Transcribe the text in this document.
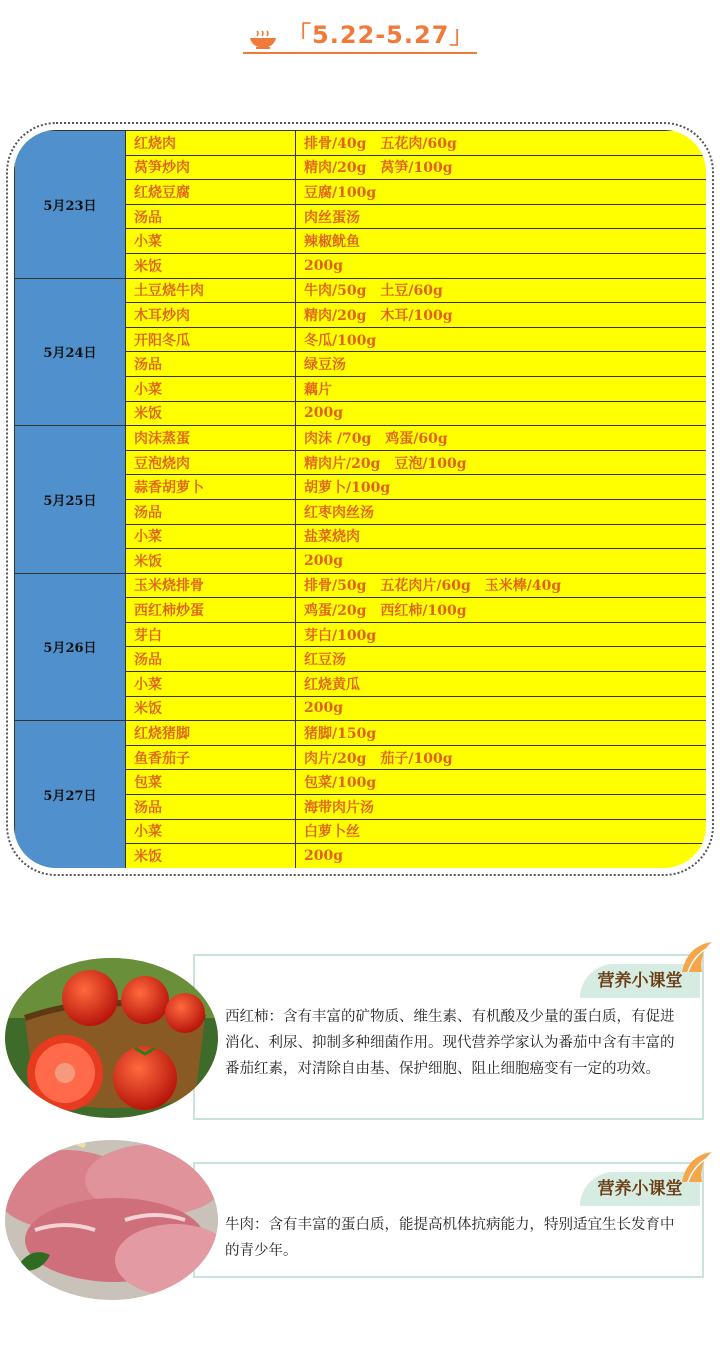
「5.22-5.27」
5月23日	红烧肉	排骨/40g　五花肉/60g
	莴笋炒肉	精肉/20g　莴笋/100g
	红烧豆腐	豆腐/100g
	汤品	肉丝蛋汤
	小菜	辣椒鱿鱼
	米饭	200g
5月24日	土豆烧牛肉	牛肉/50g　土豆/60g
	木耳炒肉	精肉/20g　木耳/100g
	开阳冬瓜	冬瓜/100g
	汤品	绿豆汤
	小菜	藕片
	米饭	200g
5月25日	肉沫蒸蛋	肉沫 /70g　鸡蛋/60g
	豆泡烧肉	精肉片/20g　豆泡/100g
	蒜香胡萝卜	胡萝卜/100g
	汤品	红枣肉丝汤
	小菜	盐菜烧肉
	米饭	200g
5月26日	玉米烧排骨	排骨/50g　五花肉片/60g　玉米棒/40g
	西红柿炒蛋	鸡蛋/20g　西红柿/100g
	芽白	芽白/100g
	汤品	红豆汤
	小菜	红烧黄瓜
	米饭	200g
5月27日	红烧猪脚	猪脚/150g
	鱼香茄子	肉片/20g　茄子/100g
	包菜	包菜/100g
	汤品	海带肉片汤
	小菜	白萝卜丝
	米饭	200g
营养小课堂
西红柿：含有丰富的矿物质、维生素、有机酸及少量的蛋白质，有促进消化、利尿、抑制多种细菌作用。现代营养学家认为番茄中含有丰富的番茄红素，对清除自由基、保护细胞、阻止细胞癌变有一定的功效。
营养小课堂
牛肉：含有丰富的蛋白质，能提高机体抗病能力，特别适宜生长发育中的青少年。
